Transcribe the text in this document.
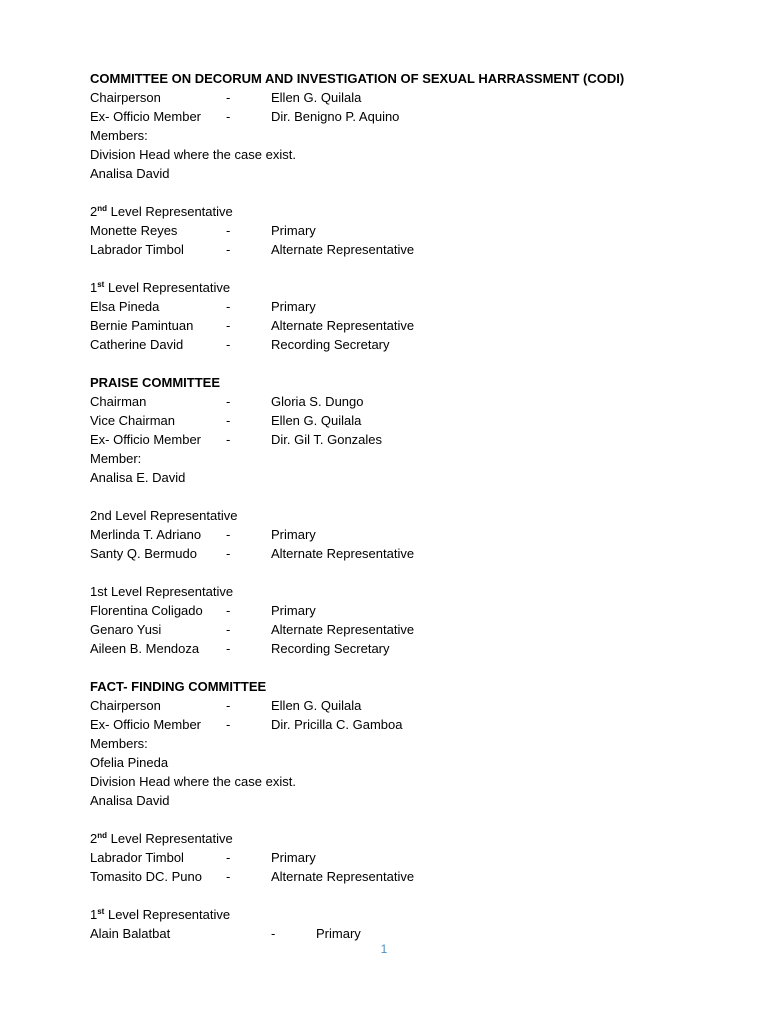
COMMITTEE ON DECORUM AND INVESTIGATION OF SEXUAL HARRASSMENT (CODI)
Chairperson	-	Ellen G. Quilala
Ex- Officio Member -	Dir. Benigno P. Aquino
Members:
Division Head where the case exist.
Analisa David
2nd Level Representative
Monette Reyes	-	Primary
Labrador Timbol	-	Alternate Representative
1st Level Representative
Elsa Pineda	-	Primary
Bernie Pamintuan	-	Alternate Representative
Catherine David	-	Recording Secretary
PRAISE COMMITTEE
Chairman	-	Gloria S. Dungo
Vice Chairman	-	Ellen G. Quilala
Ex- Officio Member -	Dir. Gil T. Gonzales
Member:
Analisa E. David
2nd Level Representative
Merlinda T. Adriano -	Primary
Santy Q. Bermudo -	Alternate Representative
1st Level Representative
Florentina Coligado -	Primary
Genaro Yusi	-	Alternate Representative
Aileen B. Mendoza -	Recording Secretary
FACT- FINDING COMMITTEE
Chairperson	-	Ellen G. Quilala
Ex- Officio Member -	Dir. Pricilla C. Gamboa
Members:
Ofelia Pineda
Division Head where the case exist.
Analisa David
2nd Level Representative
Labrador Timbol	-	Primary
Tomasito DC. Puno -	Alternate Representative
1st Level Representative
Alain Balatbat	-	Primary
1
